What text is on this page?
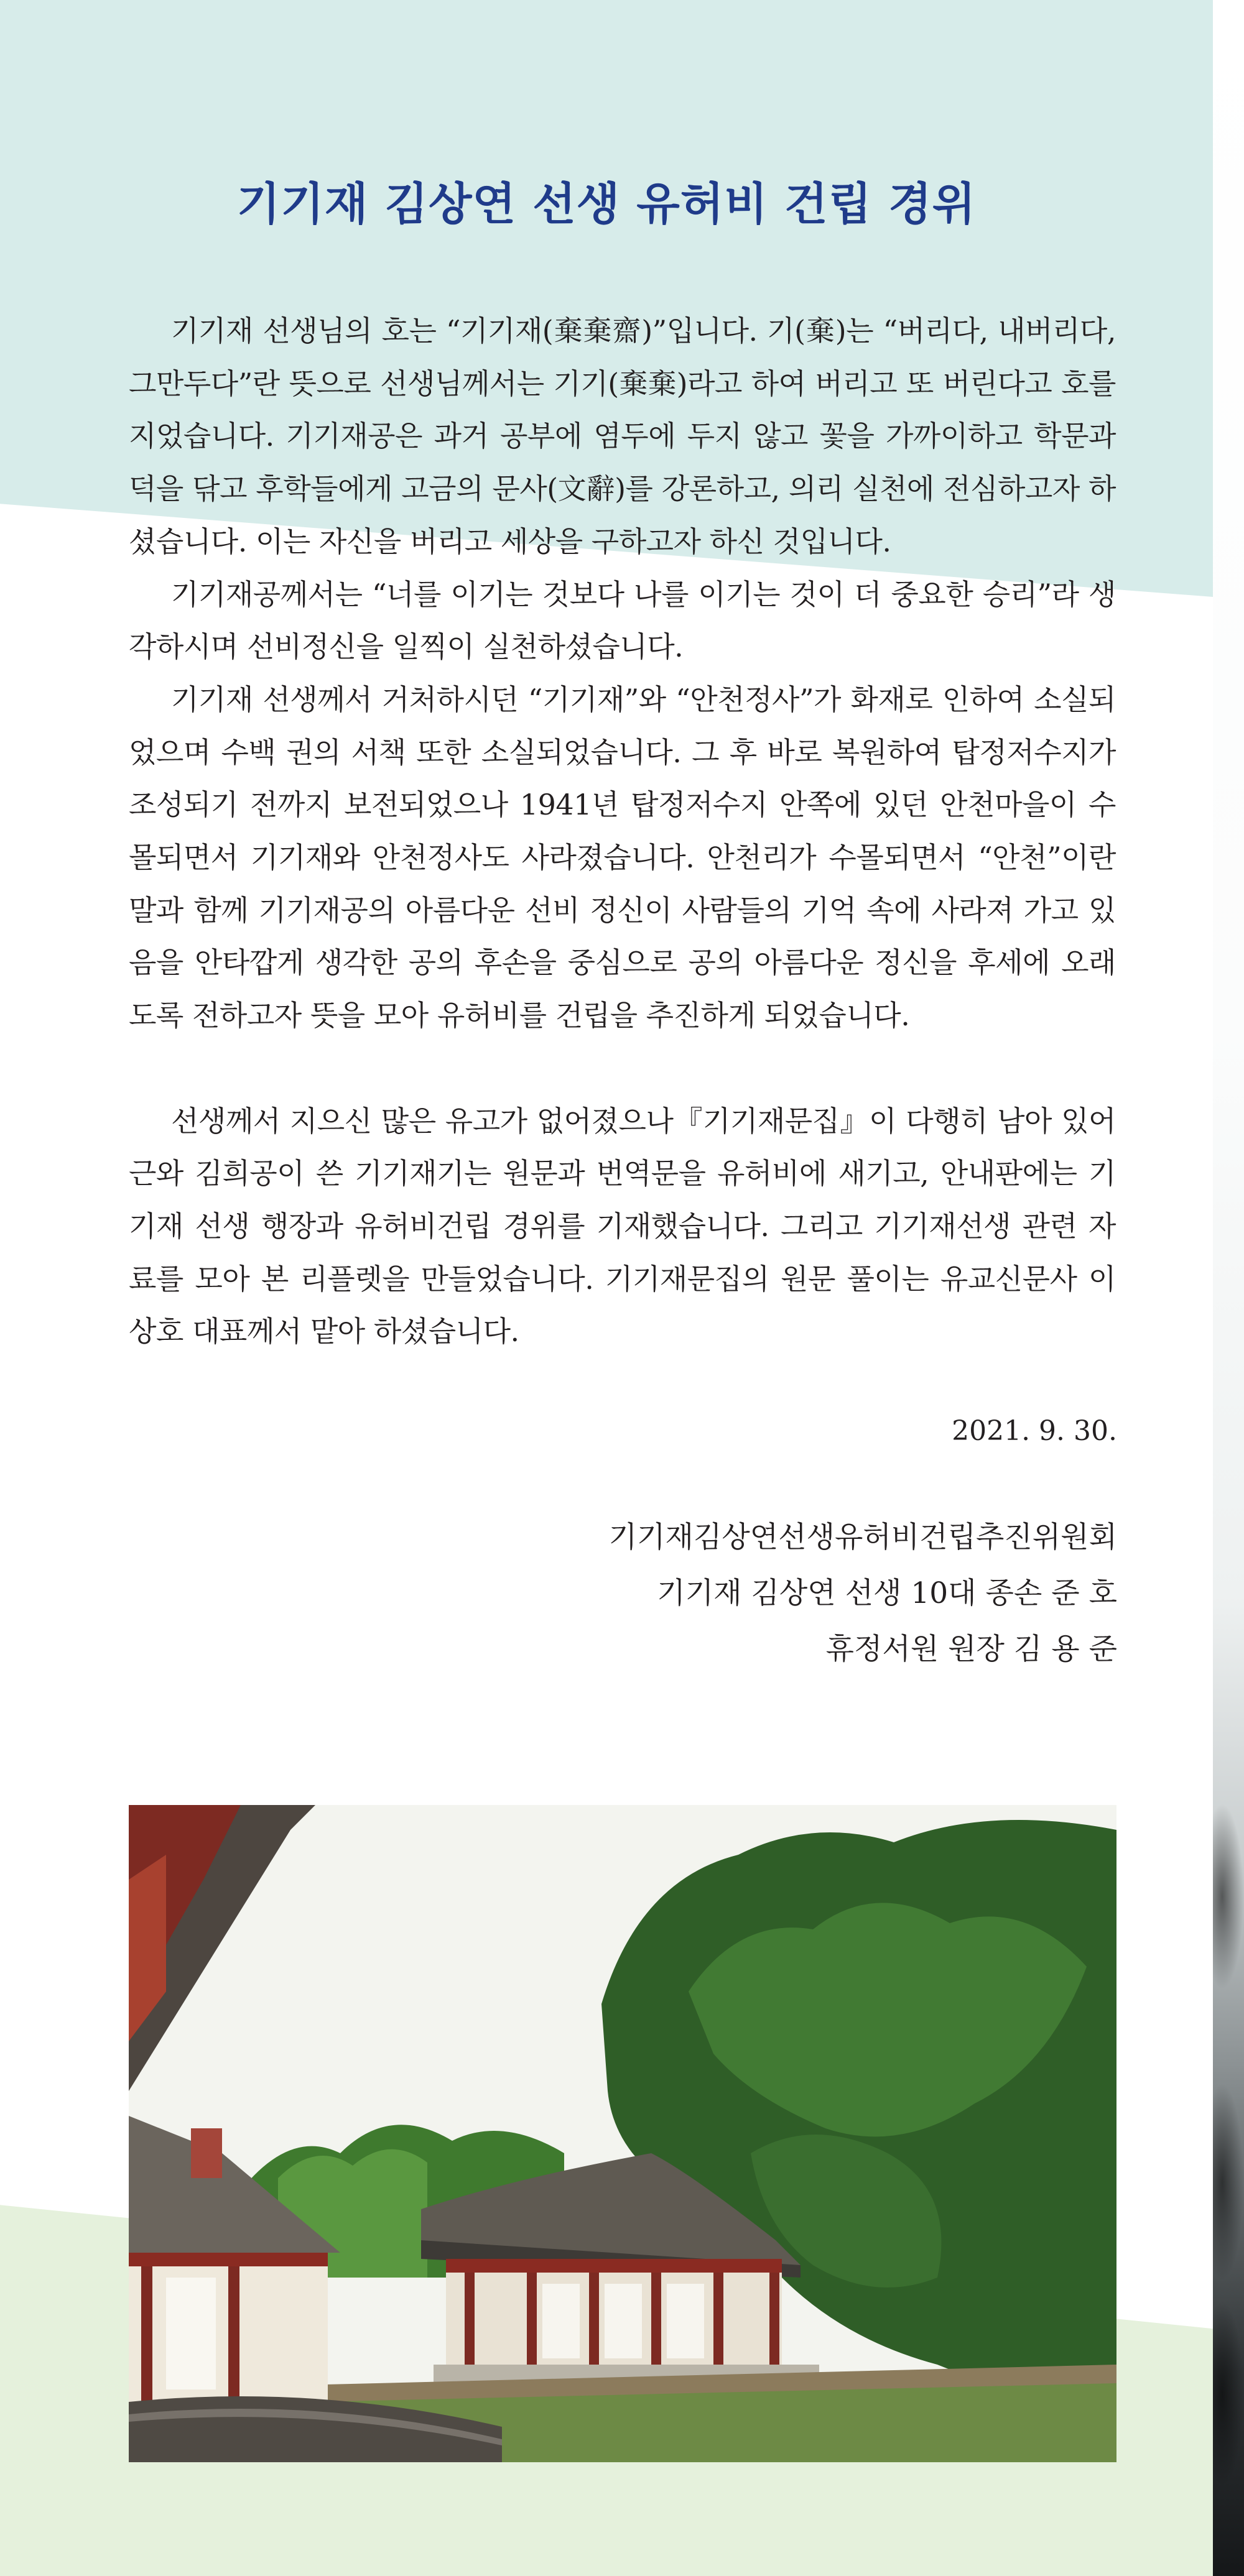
기기재 김상연 선생 유허비 건립 경위

기기재 선생님의 호는 “기기재(棄棄齋)”입니다. 기(棄)는 “버리다, 내버리다, 그만두다”란 뜻으로 선생님께서는 기기(棄棄)라고 하여 버리고 또 버린다고 호를 지었습니다. 기기재공은 과거 공부에 염두에 두지 않고 꽃을 가까이하고 학문과 덕을 닦고 후학들에게 고금의 문사(文辭)를 강론하고, 의리 실천에 전심하고자 하셨습니다. 이는 자신을 버리고 세상을 구하고자 하신 것입니다.

기기재공께서는 “너를 이기는 것보다 나를 이기는 것이 더 중요한 승리”라 생각하시며 선비정신을 일찍이 실천하셨습니다.

기기재 선생께서 거처하시던 “기기재”와 “안천정사”가 화재로 인하여 소실되었으며 수백 권의 서책 또한 소실되었습니다. 그 후 바로 복원하여 탑정저수지가 조성되기 전까지 보전되었으나 1941년 탑정저수지 안쪽에 있던 안천마을이 수몰되면서 기기재와 안천정사도 사라졌습니다. 안천리가 수몰되면서 “안천”이란 말과 함께 기기재공의 아름다운 선비 정신이 사람들의 기억 속에 사라져 가고 있음을 안타깝게 생각한 공의 후손을 중심으로 공의 아름다운 정신을 후세에 오래도록 전하고자 뜻을 모아 유허비를 건립을 추진하게 되었습니다.

선생께서 지으신 많은 유고가 없어졌으나『기기재문집』이 다행히 남아 있어 근와 김희공이 쓴 기기재기는 원문과 번역문을 유허비에 새기고, 안내판에는 기기재 선생 행장과 유허비건립 경위를 기재했습니다. 그리고 기기재선생 관련 자료를 모아 본 리플렛을 만들었습니다. 기기재문집의 원문 풀이는 유교신문사 이상호 대표께서 맡아 하셨습니다.

2021. 9. 30.
기기재김상연선생유허비건립추진위원회
기기재 김상연 선생 10대 종손 준 호
휴정서원 원장 김 용 준
